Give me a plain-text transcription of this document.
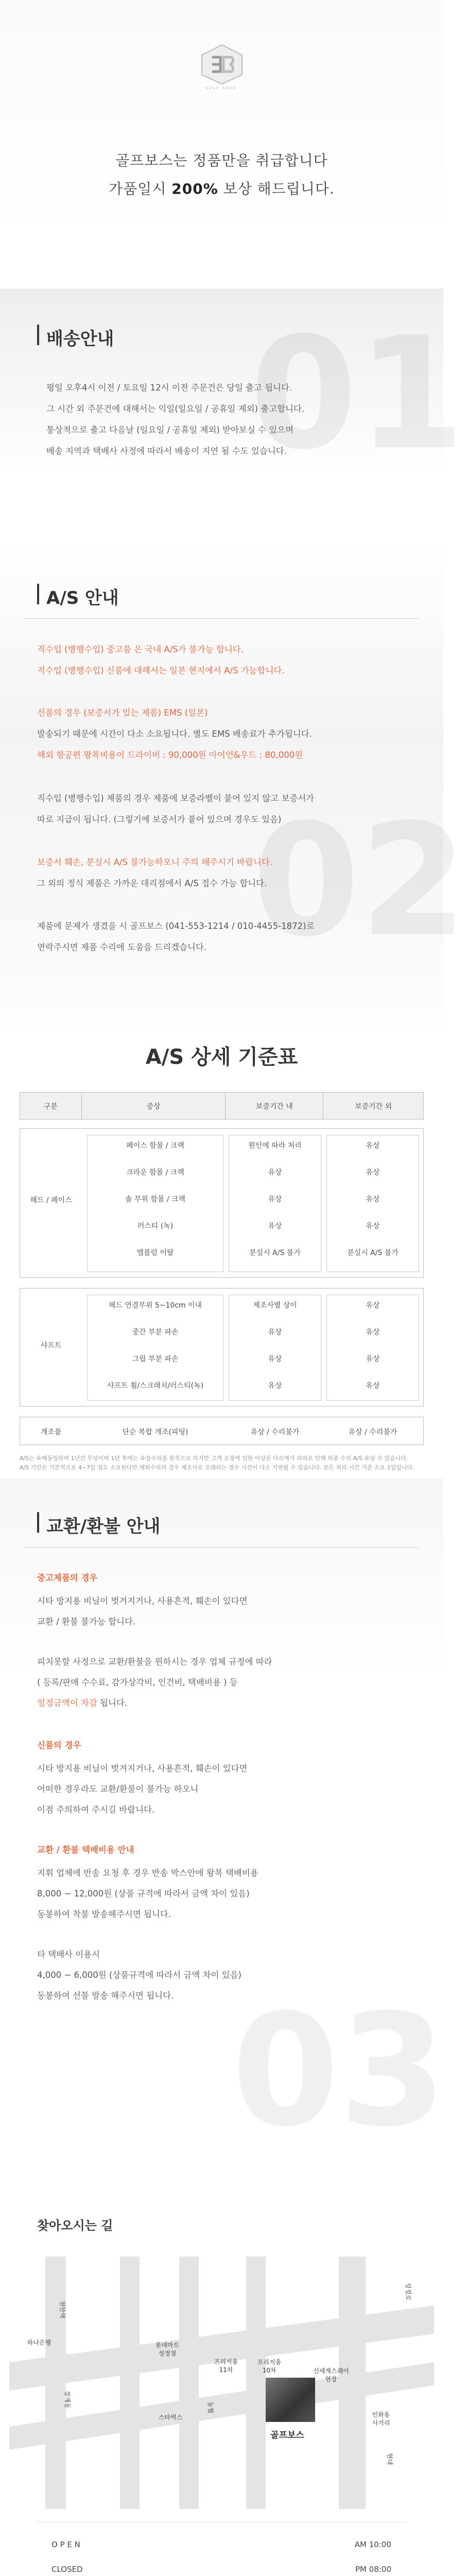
GOLF BOSS
골프보스는 정품만을 취급합니다
가품일시 200% 보상 해드립니다.
배송안내 01
평일 오후4시 이전 / 토요일 12시 이전 주문건은 당일 출고 됩니다.
그 시간 외 주문건에 대해서는 익일(일요일 / 공휴일 제외) 출고합니다.
통상적으로 출고 다음날 (일요일 / 공휴일 제외) 받아보실 수 있으며
배송 지역과 택배사 사정에 따라서 배송이 지연 될 수도 있습니다.
A/S 안내
02
직수입 (병행수입) 중고품 은 국내 A/S가 불가능 합니다.
직수입 (병행수입) 신품에 대해서는 일본 현지에서 A/S 가능합니다.
신품의 경우 (보증서가 있는 제품) EMS (일본)
발송되기 때문에 시간이 다소 소요됩니다. 별도 EMS 배송료가 추가됩니다.
해외 항공편 왕복비용이 드라이버 : 90,000원 아이언&우드 : 80,000원
직수입 (병행수입) 제품의 경우 제품에 보증라벨이 붙어 있지 않고 보증서가
따로 지급이 됩니다. (그렇기에 보증서가 붙어 있으며 경우도 있음)
보증서 훼손, 분실시 A/S 불가능하오니 주의 해주시기 바랍니다.
그 외의 정식 제품은 가까운 대리점에서 A/S 접수 가능 합니다.
제품에 문제가 생겼을 시 골프보스 (041-553-1214 / 010-4455-1872)로
연락주시면 제품 수리에 도움을 드리겠습니다.
A/S 상세 기준표
구분	증상	보증기간 내	보증기간 외
헤드 / 페이스
페이스 함몰 / 크랙	원인에 따라 처리	유상
크라운 함몰 / 크랙	유상	유상
솔 부위 함몰 / 크랙	유상	유상
러스티 (녹)	유상	유상
엠블럼 이탈	분실시 A/S 불가	분실시 A/S 불가
샤프트
헤드 연결부위 5~10cm 이내	제조사별 상이	유상
중간 부분 파손	유상	유상
그립 부분 파손	유상	유상
샤프트 휨/스크래치/러스티(녹)	유상	유상
개조품	단순 복합 개조(피팅)	유상 / 수리불가	유상 / 수리불가
A/S는 유예동일하며 1년간 무상이며 1년 후에는 유상수리를 원칙으로 하지만 고객 요청에 인한 이상은 다르에서 하의로 인해 하중 수의 A/S 유상 수 있습니다.
A/S 기간은 기본적으로 4~7일 정도 소요된다만 해외수리의 경우 제조사로 오래되는 경우 시간이 다소 지연될 수 있습니다. 모든 처리 시간 기준 소요 1일입니다.
교환/환불 안내
03
중고제품의 경우
시타 방지용 비닐이 벗겨지거나, 사용흔적, 훼손이 있다면
교환 / 환불 불가능 합니다.
피치못할 사정으로 교환/환불을 원하시는 경우 업체 규정에 따라
( 등록/판매 수수료, 감가상각비, 인건비, 택배비용 ) 등
일정금액이 차감 됩니다.
신품의 경우
시타 방지용 비닐이 벗겨지거나, 사용흔적, 훼손이 있다면
어떠한 경우라도 교환/환불이 불가능 하오니
이점 주의하여 주시길 바랍니다.
교환 / 환불 택배비용 안내
지휘 업체에 반송 요청 후 경우 반송 박스안에 왕복 택배비용
8,000 ~ 12,000원 (상품 규격에 따라서 금액 차이 있음)
동봉하여 착불 발송해주시면 됩니다.
타 택배사 이용시
4,000 ~ 6,000원 (상품규격에 따라서 금액 차이 있음)
동봉하여 선불 발송 해주시면 됩니다.
찾아오시는 길
하나은행
천안역
롯데마트
성정점
프리지움
11차
프리지움
10차	신세계스퀘어
현장
성정로
장재동
스타벅스
농협
인화동
사거리
현대
골프보스
O P E N	AM 10:00
CLOSED	PM 08:00
